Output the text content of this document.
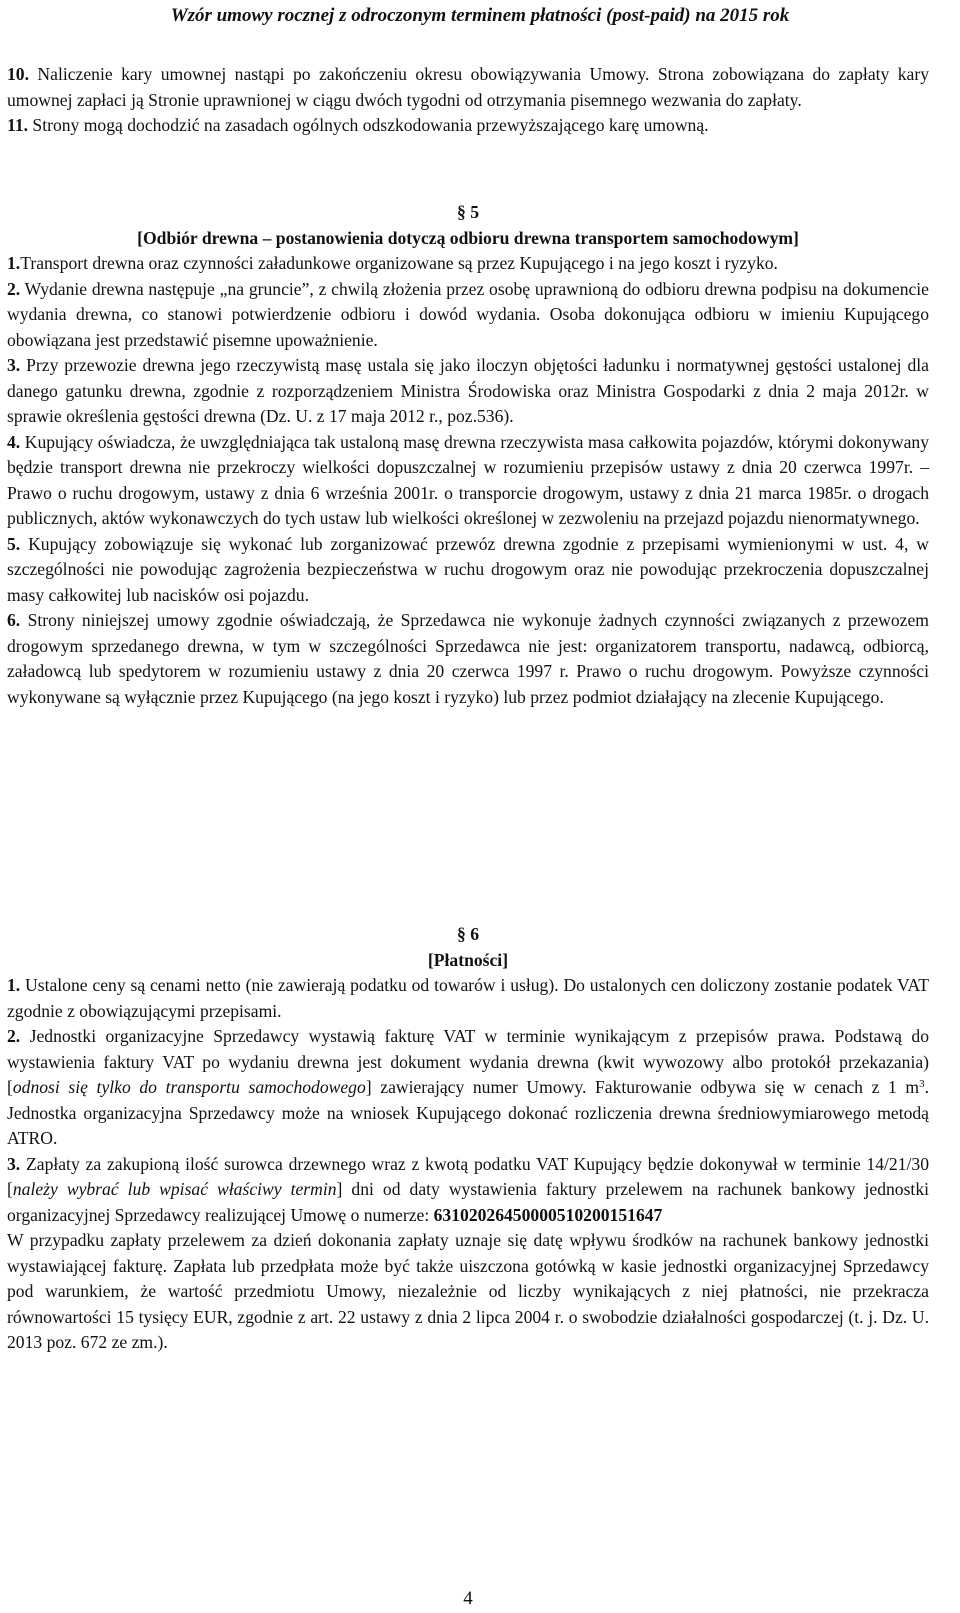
Wzór umowy rocznej z odroczonym terminem płatności (post-paid) na 2015 rok

10. Naliczenie kary umownej nastąpi po zakończeniu okresu obowiązywania Umowy. Strona zobowiązana do zapłaty kary umownej zapłaci ją Stronie uprawnionej w ciągu dwóch tygodni od otrzymania pisemnego wezwania do zapłaty.

11. Strony mogą dochodzić na zasadach ogólnych odszkodowania przewyższającego karę umowną.

§ 5

[Odbiór drewna – postanowienia dotyczą odbioru drewna transportem samochodowym]

1.Transport drewna oraz czynności załadunkowe organizowane są przez Kupującego i na jego koszt i ryzyko.

2. Wydanie drewna następuje „na gruncie”, z chwilą złożenia przez osobę uprawnioną do odbioru drewna podpisu na dokumencie wydania drewna, co stanowi potwierdzenie odbioru i dowód wydania. Osoba dokonująca odbioru w imieniu Kupującego obowiązana jest przedstawić pisemne upoważnienie.

3. Przy przewozie drewna jego rzeczywistą masę ustala się jako iloczyn objętości ładunku i normatywnej gęstości ustalonej dla danego gatunku drewna, zgodnie z rozporządzeniem Ministra Środowiska oraz Ministra Gospodarki z dnia 2 maja 2012r. w sprawie określenia gęstości drewna (Dz. U. z 17 maja 2012 r., poz.536).

4. Kupujący oświadcza, że uwzględniająca tak ustaloną masę drewna rzeczywista masa całkowita pojazdów, którymi dokonywany będzie transport drewna nie przekroczy wielkości dopuszczalnej w rozumieniu przepisów ustawy z dnia 20 czerwca 1997r. – Prawo o ruchu drogowym, ustawy z dnia 6 września 2001r. o transporcie drogowym, ustawy z dnia 21 marca 1985r. o drogach publicznych, aktów wykonawczych do tych ustaw lub wielkości określonej w zezwoleniu na przejazd pojazdu nienormatywnego.

5. Kupujący zobowiązuje się wykonać lub zorganizować przewóz drewna zgodnie z przepisami wymienionymi w ust. 4, w szczególności nie powodując zagrożenia bezpieczeństwa w ruchu drogowym oraz nie powodując przekroczenia dopuszczalnej masy całkowitej lub nacisków osi pojazdu.

6. Strony niniejszej umowy zgodnie oświadczają, że Sprzedawca nie wykonuje żadnych czynności związanych z przewozem drogowym sprzedanego drewna, w tym w szczególności Sprzedawca nie jest: organizatorem transportu, nadawcą, odbiorcą, załadowcą lub spedytorem w rozumieniu ustawy z dnia 20 czerwca 1997 r. Prawo o ruchu drogowym. Powyższe czynności wykonywane są wyłącznie przez Kupującego (na jego koszt i ryzyko) lub przez podmiot działający na zlecenie Kupującego.

§ 6

[Płatności]

1. Ustalone ceny są cenami netto (nie zawierają podatku od towarów i usług). Do ustalonych cen doliczony zostanie podatek VAT zgodnie z obowiązującymi przepisami.

2. Jednostki organizacyjne Sprzedawcy wystawią fakturę VAT w terminie wynikającym z przepisów prawa. Podstawą do wystawienia faktury VAT po wydaniu drewna jest dokument wydania drewna (kwit wywozowy albo protokół przekazania) [odnosi się tylko do transportu samochodowego] zawierający numer Umowy. Fakturowanie odbywa się w cenach z 1 $m^3$. Jednostka organizacyjna Sprzedawcy może na wniosek Kupującego dokonać rozliczenia drewna średniowymiarowego metodą ATRO.

3. Zapłaty za zakupioną ilość surowca drzewnego wraz z kwotą podatku VAT Kupujący będzie dokonywał w terminie 14/21/30 [należy wybrać lub wpisać właściwy termin] dni od daty wystawienia faktury przelewem na rachunek bankowy jednostki organizacyjnej Sprzedawcy realizującej Umowę o numerze: 63102026450000510200151647

W przypadku zapłaty przelewem za dzień dokonania zapłaty uznaje się datę wpływu środków na rachunek bankowy jednostki wystawiającej fakturę. Zapłata lub przedpłata może być także uiszczona gotówką w kasie jednostki organizacyjnej Sprzedawcy pod warunkiem, że wartość przedmiotu Umowy, niezależnie od liczby wynikających z niej płatności, nie przekracza równowartości 15 tysięcy EUR, zgodnie z art. 22 ustawy z dnia 2 lipca 2004 r. o swobodzie działalności gospodarczej (t. j. Dz. U. 2013 poz. 672 ze zm.).

4
